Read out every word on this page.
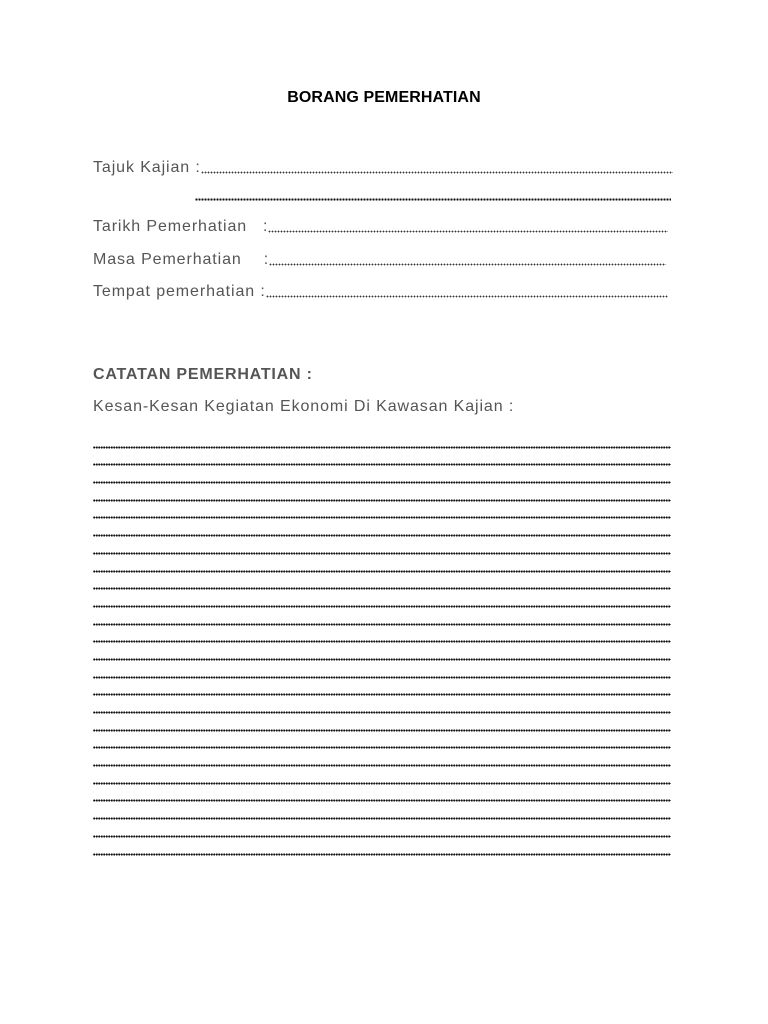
BORANG PEMERHATIAN
Tajuk Kajian :
Tarikh Pemerhatian :
Masa Pemerhatian :
Tempat pemerhatian :
CATATAN PEMERHATIAN :
Kesan-Kesan Kegiatan Ekonomi Di Kawasan Kajian :
